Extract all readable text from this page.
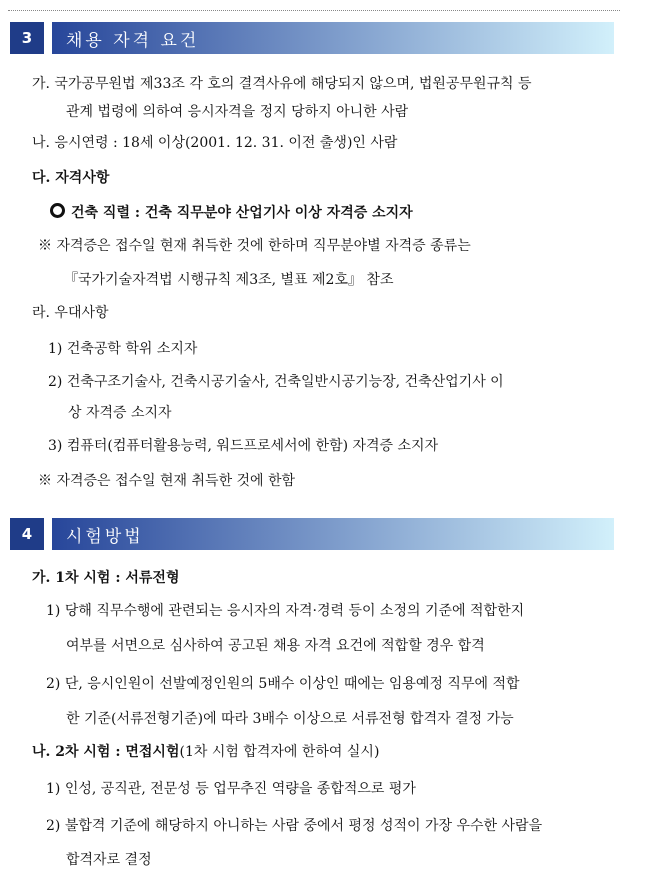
3	채용 자격 요건
가. 국가공무원법 제33조 각 호의 결격사유에 해당되지 않으며, 법원공무원규칙 등
관계 법령에 의하여 응시자격을 정지 당하지 아니한 사람
나. 응시연령 : 18세 이상(2001. 12. 31. 이전 출생)인 사람
다. 자격사항
건축 직렬 : 건축 직무분야 산업기사 이상 자격증 소지자
※ 자격증은 접수일 현재 취득한 것에 한하며 직무분야별 자격증 종류는
『국가기술자격법 시행규칙 제3조, 별표 제2호』 참조
라. 우대사항
1) 건축공학 학위 소지자
2) 건축구조기술사, 건축시공기술사, 건축일반시공기능장, 건축산업기사 이
상 자격증 소지자
3) 컴퓨터(컴퓨터활용능력, 워드프로세서에 한함) 자격증 소지자
※ 자격증은 접수일 현재 취득한 것에 한함
4	시험방법
가. 1차 시험 : 서류전형
1) 당해 직무수행에 관련되는 응시자의 자격·경력 등이 소정의 기준에 적합한지
여부를 서면으로 심사하여 공고된 채용 자격 요건에 적합할 경우 합격
2) 단, 응시인원이 선발예정인원의 5배수 이상인 때에는 임용예정 직무에 적합
한 기준(서류전형기준)에 따라 3배수 이상으로 서류전형 합격자 결정 가능
나. 2차 시험 : 면접시험(1차 시험 합격자에 한하여 실시)
1) 인성, 공직관, 전문성 등 업무추진 역량을 종합적으로 평가
2) 불합격 기준에 해당하지 아니하는 사람 중에서 평정 성적이 가장 우수한 사람을
합격자로 결정
